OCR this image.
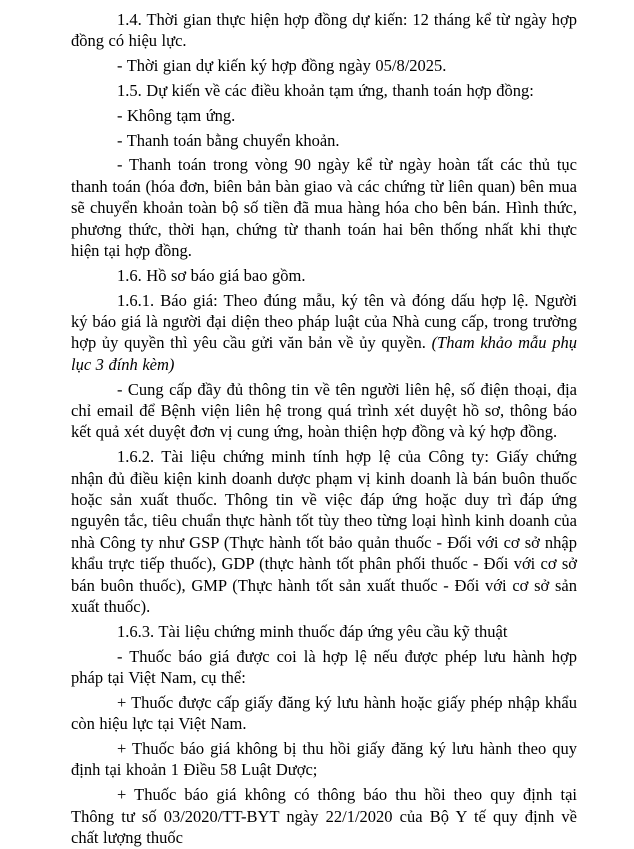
1.4. Thời gian thực hiện hợp đồng dự kiến: 12 tháng kể từ ngày hợp đồng có hiệu lực.

- Thời gian dự kiến ký hợp đồng ngày 05/8/2025.

1.5. Dự kiến về các điều khoản tạm ứng, thanh toán hợp đồng:

- Không tạm ứng.

- Thanh toán bằng chuyển khoản.

- Thanh toán trong vòng 90 ngày kể từ ngày hoàn tất các thủ tục thanh toán (hóa đơn, biên bản bàn giao và các chứng từ liên quan) bên mua sẽ chuyển khoản toàn bộ số tiền đã mua hàng hóa cho bên bán. Hình thức, phương thức, thời hạn, chứng từ thanh toán hai bên thống nhất khi thực hiện tại hợp đồng.

1.6. Hồ sơ báo giá bao gồm.

1.6.1. Báo giá: Theo đúng mẫu, ký tên và đóng dấu hợp lệ. Người ký báo giá là người đại diện theo pháp luật của Nhà cung cấp, trong trường hợp ủy quyền thì yêu cầu gửi văn bản về ủy quyền. (Tham khảo mẫu phụ lục 3 đính kèm)

- Cung cấp đầy đủ thông tin về tên người liên hệ, số điện thoại, địa chỉ email để Bệnh viện liên hệ trong quá trình xét duyệt hồ sơ, thông báo kết quả xét duyệt đơn vị cung ứng, hoàn thiện hợp đồng và ký hợp đồng.

1.6.2. Tài liệu chứng minh tính hợp lệ của Công ty: Giấy chứng nhận đủ điều kiện kinh doanh dược phạm vị kinh doanh là bán buôn thuốc hoặc sản xuất thuốc. Thông tin về việc đáp ứng hoặc duy trì đáp ứng nguyên tắc, tiêu chuẩn thực hành tốt tùy theo từng loại hình kinh doanh của nhà Công ty như GSP (Thực hành tốt bảo quản thuốc - Đối với cơ sở nhập khẩu trực tiếp thuốc), GDP (thực hành tốt phân phối thuốc - Đối với cơ sở bán buôn thuốc), GMP (Thực hành tốt sản xuất thuốc - Đối với cơ sở sản xuất thuốc).

1.6.3. Tài liệu chứng minh thuốc đáp ứng yêu cầu kỹ thuật

- Thuốc báo giá được coi là hợp lệ nếu được phép lưu hành hợp pháp tại Việt Nam, cụ thể:

+ Thuốc được cấp giấy đăng ký lưu hành hoặc giấy phép nhập khẩu còn hiệu lực tại Việt Nam.

+ Thuốc báo giá không bị thu hồi giấy đăng ký lưu hành theo quy định tại khoản 1 Điều 58 Luật Dược;

+ Thuốc báo giá không có thông báo thu hồi theo quy định tại Thông tư số 03/2020/TT-BYT ngày 22/1/2020 của Bộ Y tế quy định về chất lượng thuốc
